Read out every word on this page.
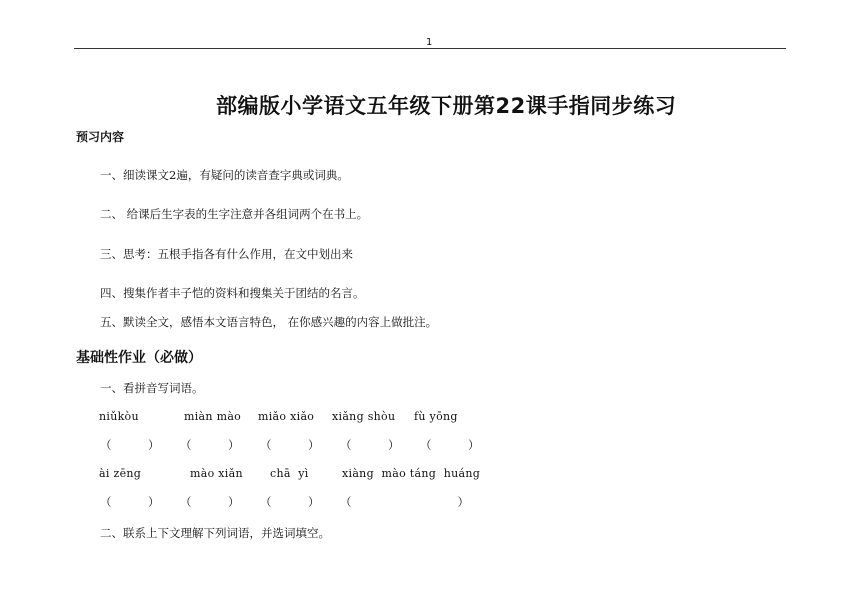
1
部编版小学语文五年级下册第22课手指同步练习
预习内容
一、细读课文2遍，有疑问的读音查字典或词典。
二、 给课后生字表的生字注意并各组词两个在书上。
三、思考：五根手指各有什么作用，在文中划出来
四、搜集作者丰子恺的资料和搜集关于团结的名言。
五、默读全文，感悟本文语言特色， 在你感兴趣的内容上做批注。
基础性作业（必做）
一、看拼音写词语。
niǔkòu	miàn mào miǎo xiǎo xiǎng shòu fù yōng
（          ） （          ） （          ） （          ） （          ）
ài zēng	mào xiǎn chā  yì	xiàng  mào táng  huáng
（          ） （          ） （          ） （                             ）
二、联系上下文理解下列词语，并选词填空。
